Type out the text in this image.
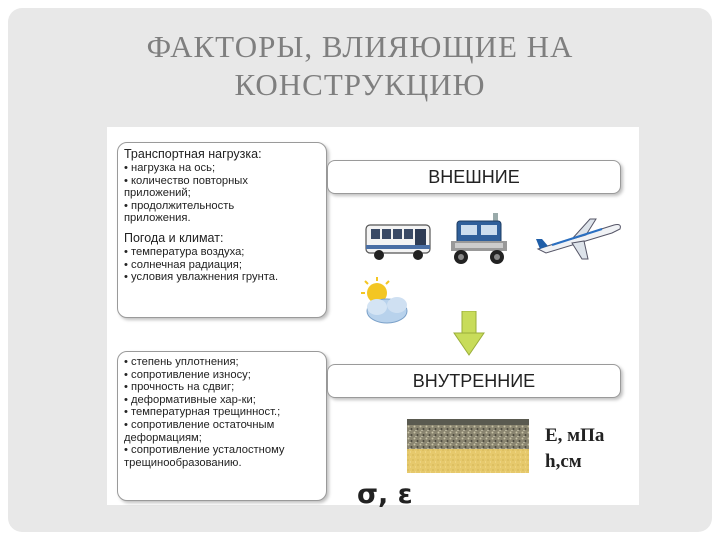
ФАКТОРЫ, ВЛИЯЮЩИЕ НА
КОНСТРУКЦИЮ
Транспортная нагрузка:
• нагрузка на ось;
• количество повторных
приложений;
• продолжительность
приложения.
Погода и климат:
• температура воздуха;
• солнечная радиация;
• условия увлажнения грунта.
ВНЕШНИЕ
• степень уплотнения;
• сопротивление износу;
• прочность на сдвиг;
• деформативные хар-ки;
• температурная трещинност.;
• сопротивление остаточным
деформациям;
• сопротивление усталостному
трещинообразованию.
ВНУТРЕННИЕ
E, мПа
h,см
σ, ε
